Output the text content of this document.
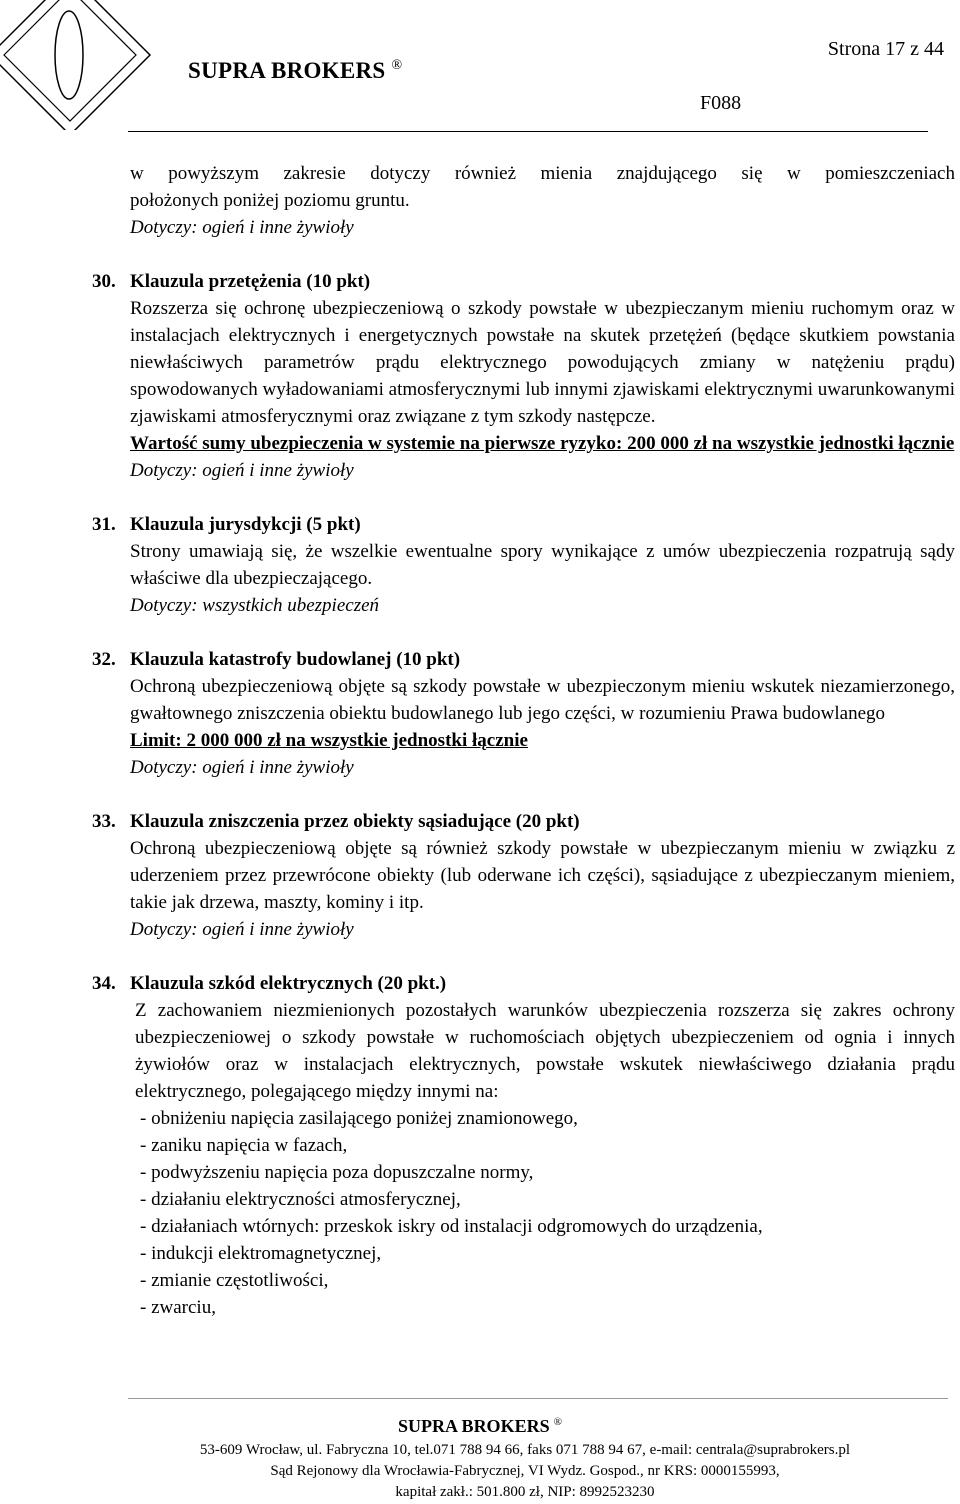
SUPRA BROKERS ®
Strona 17 z 44
F088
w powyższym zakresie dotyczy również mienia znajdującego się w pomieszczeniach
położonych poniżej poziomu gruntu.
Dotyczy: ogień i inne żywioły
30. Klauzula przetężenia (10 pkt)
Rozszerza się ochronę ubezpieczeniową o szkody powstałe w ubezpieczanym mieniu ruchomym oraz w instalacjach elektrycznych i energetycznych powstałe na skutek przetężeń (będące skutkiem powstania niewłaściwych parametrów prądu elektrycznego powodujących zmiany w natężeniu prądu) spowodowanych wyładowaniami atmosferycznymi lub innymi zjawiskami elektrycznymi uwarunkowanymi zjawiskami atmosferycznymi oraz związane z tym szkody następcze.
Wartość sumy ubezpieczenia w systemie na pierwsze ryzyko: 200 000 zł na wszystkie jednostki łącznie
Dotyczy: ogień i inne żywioły
31. Klauzula jurysdykcji (5 pkt)
Strony umawiają się, że wszelkie ewentualne spory wynikające z umów ubezpieczenia rozpatrują sądy właściwe dla ubezpieczającego.
Dotyczy: wszystkich ubezpieczeń
32. Klauzula katastrofy budowlanej (10 pkt)
Ochroną ubezpieczeniową objęte są szkody powstałe w ubezpieczonym mieniu wskutek niezamierzonego, gwałtownego zniszczenia obiektu budowlanego lub jego części, w rozumieniu Prawa budowlanego
Limit: 2 000 000 zł na wszystkie jednostki łącznie
Dotyczy: ogień i inne żywioły
33. Klauzula zniszczenia przez obiekty sąsiadujące (20 pkt)
Ochroną ubezpieczeniową objęte są również szkody powstałe w ubezpieczanym mieniu w związku z uderzeniem przez przewrócone obiekty (lub oderwane ich części), sąsiadujące z ubezpieczanym mieniem, takie jak drzewa, maszty, kominy i itp.
Dotyczy: ogień i inne żywioły
34. Klauzula szkód elektrycznych (20 pkt.)
Z zachowaniem niezmienionych pozostałych warunków ubezpieczenia rozszerza się zakres ochrony ubezpieczeniowej o szkody powstałe w ruchomościach objętych ubezpieczeniem od ognia i innych żywiołów oraz w instalacjach elektrycznych, powstałe wskutek niewłaściwego działania prądu elektrycznego, polegającego między innymi na:
- obniżeniu napięcia zasilającego poniżej znamionowego,
- zaniku napięcia w fazach,
- podwyższeniu napięcia poza dopuszczalne normy,
- działaniu elektryczności atmosferycznej,
- działaniach wtórnych: przeskok iskry od instalacji odgromowych do urządzenia,
- indukcji elektromagnetycznej,
- zmianie częstotliwości,
- zwarciu,
SUPRA BROKERS ®
53-609 Wrocław, ul. Fabryczna 10, tel.071 788 94 66, faks 071 788 94 67, e-mail: centrala@suprabrokers.pl
Sąd Rejonowy dla Wrocławia-Fabrycznej, VI Wydz. Gospod., nr KRS: 0000155993,
kapitał zakł.: 501.800 zł, NIP: 8992523230
